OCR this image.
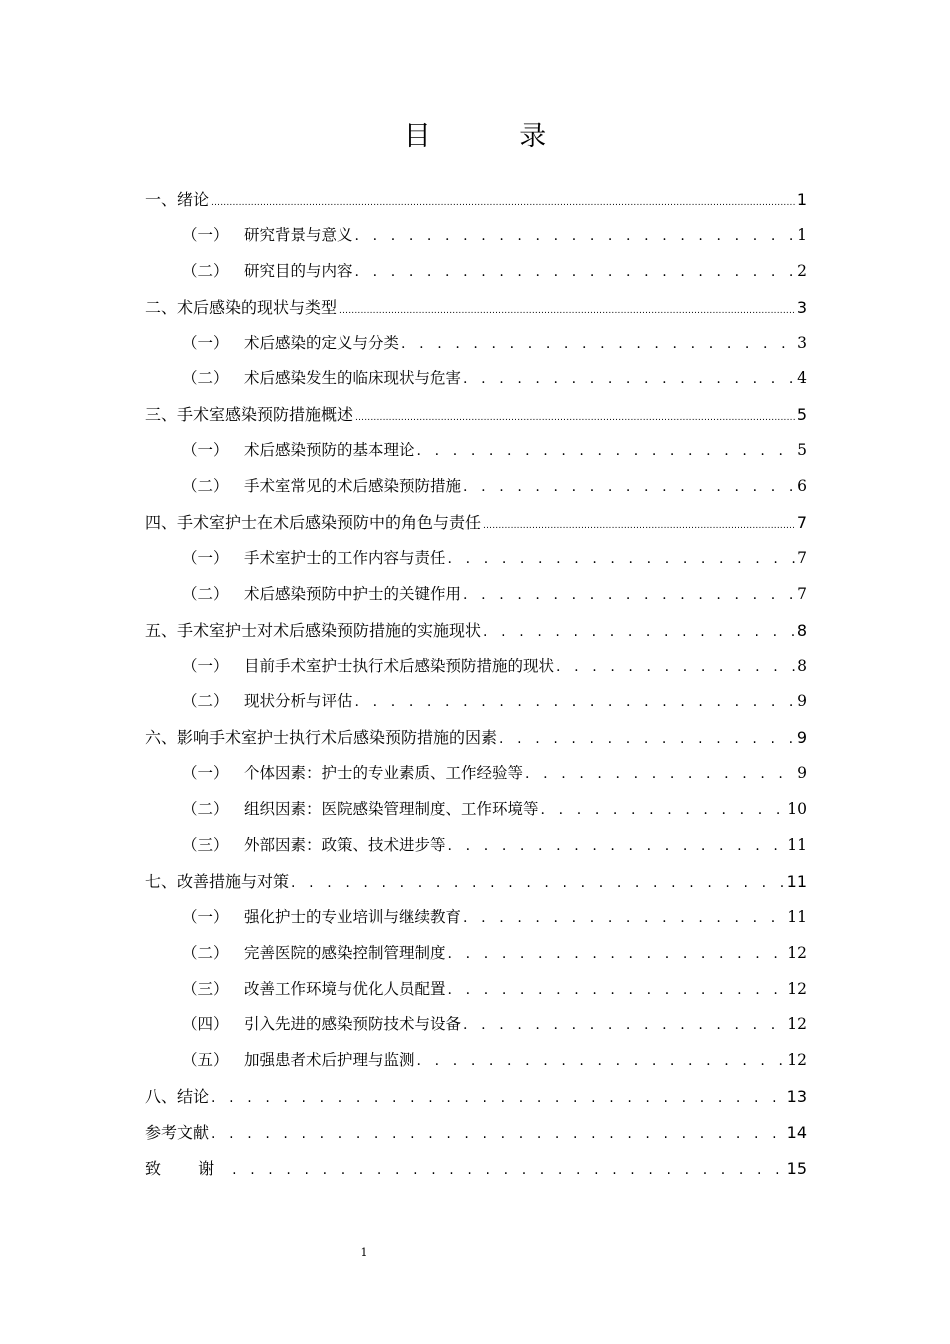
目 录
一、绪论 .....	1
（一） 研究背景与意义 . . .	1
（二） 研究目的与内容 . . .	2
二、术后感染的现状与类型 .....	3
（一） 术后感染的定义与分类 . . .	3
（二） 术后感染发生的临床现状与危害 . . .	4
三、手术室感染预防措施概述 .....	5
（一） 术后感染预防的基本理论 . . .	5
（二） 手术室常见的术后感染预防措施 . . .	6
四、手术室护士在术后感染预防中的角色与责任 .....	7
（一） 手术室护士的工作内容与责任 . . .	7
（二） 术后感染预防中护士的关键作用 . . .	7
五、手术室护士对术后感染预防措施的实施现状 . . .	8
（一） 目前手术室护士执行术后感染预防措施的现状 . . .	8
（二） 现状分析与评估 . . .	9
六、影响手术室护士执行术后感染预防措施的因素 . . .	9
（一） 个体因素：护士的专业素质、工作经验等 . . .	9
（二） 组织因素：医院感染管理制度、工作环境等 . . .	10
（三） 外部因素：政策、技术进步等 . . .	11
七、改善措施与对策 . . .	11
（一） 强化护士的专业培训与继续教育 . . .	11
（二） 完善医院的感染控制管理制度 . . .	12
（三） 改善工作环境与优化人员配置 . . .	12
（四） 引入先进的感染预防技术与设备 . . .	12
（五） 加强患者术后护理与监测 . . .	12
八、结论 . . .	13
参考文献 . . .	14
致 谢 . . .	15
1
